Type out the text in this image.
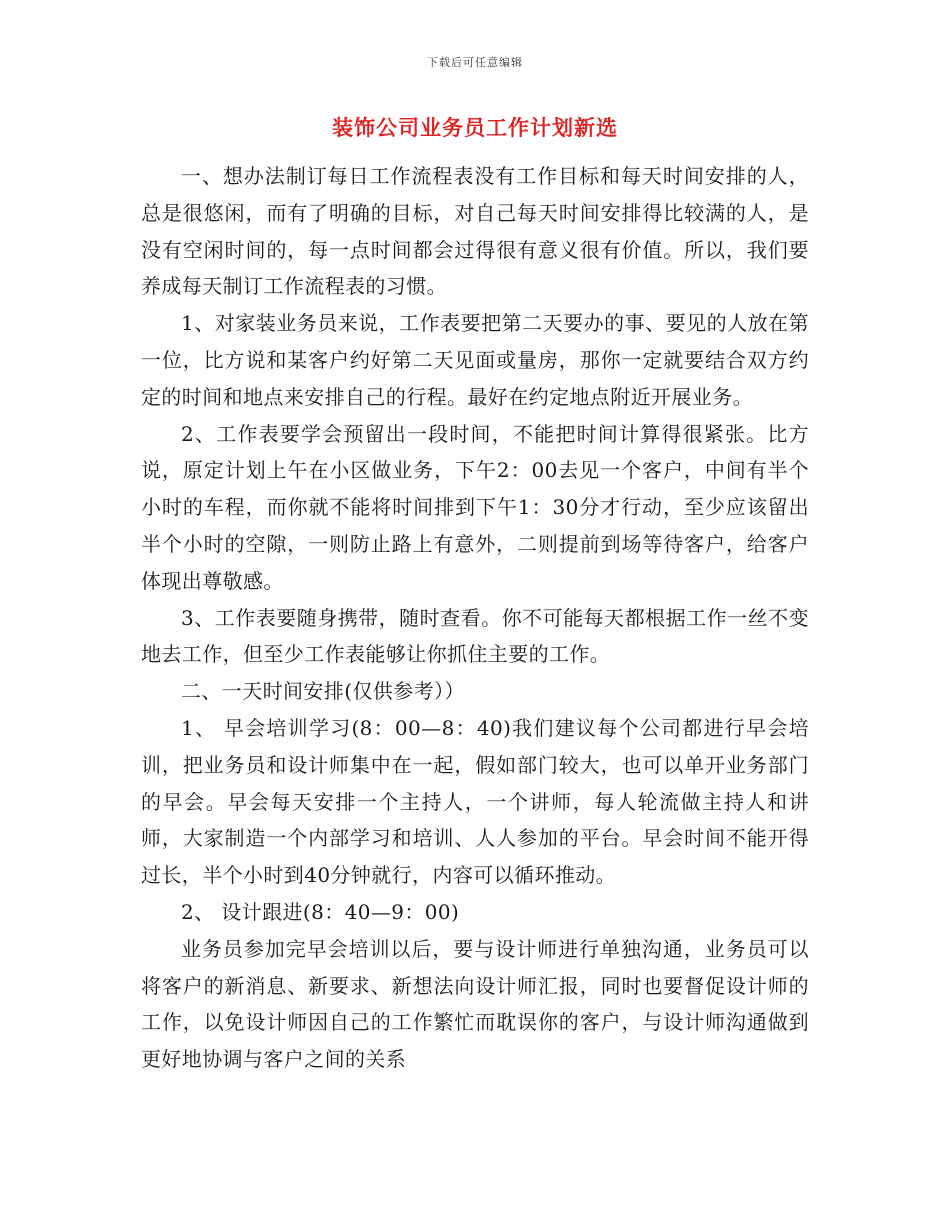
下载后可任意编辑
装饰公司业务员工作计划新选

一、想办法制订每日工作流程表没有工作目标和每天时间安排的人，总是很悠闲，而有了明确的目标，对自己每天时间安排得比较满的人，是没有空闲时间的，每一点时间都会过得很有意义很有价值。所以，我们要养成每天制订工作流程表的习惯。

1、对家装业务员来说，工作表要把第二天要办的事、要见的人放在第一位，比方说和某客户约好第二天见面或量房，那你一定就要结合双方约定的时间和地点来安排自己的行程。最好在约定地点附近开展业务。

2、工作表要学会预留出一段时间，不能把时间计算得很紧张。比方说，原定计划上午在小区做业务，下午2：00去见一个客户，中间有半个小时的车程，而你就不能将时间排到下午1：30分才行动，至少应该留出半个小时的空隙，一则防止路上有意外，二则提前到场等待客户，给客户体现出尊敬感。

3、工作表要随身携带，随时查看。你不可能每天都根据工作一丝不变地去工作，但至少工作表能够让你抓住主要的工作。

二、一天时间安排(仅供参考））

1、 早会培训学习(8：00—8：40)我们建议每个公司都进行早会培训，把业务员和设计师集中在一起，假如部门较大，也可以单开业务部门的早会。早会每天安排一个主持人，一个讲师，每人轮流做主持人和讲师，大家制造一个内部学习和培训、人人参加的平台。早会时间不能开得过长，半个小时到40分钟就行，内容可以循环推动。

2、 设计跟进(8：40—9：00)

业务员参加完早会培训以后，要与设计师进行单独沟通，业务员可以将客户的新消息、新要求、新想法向设计师汇报，同时也要督促设计师的工作，以免设计师因自己的工作繁忙而耽误你的客户，与设计师沟通做到更好地协调与客户之间的关系
